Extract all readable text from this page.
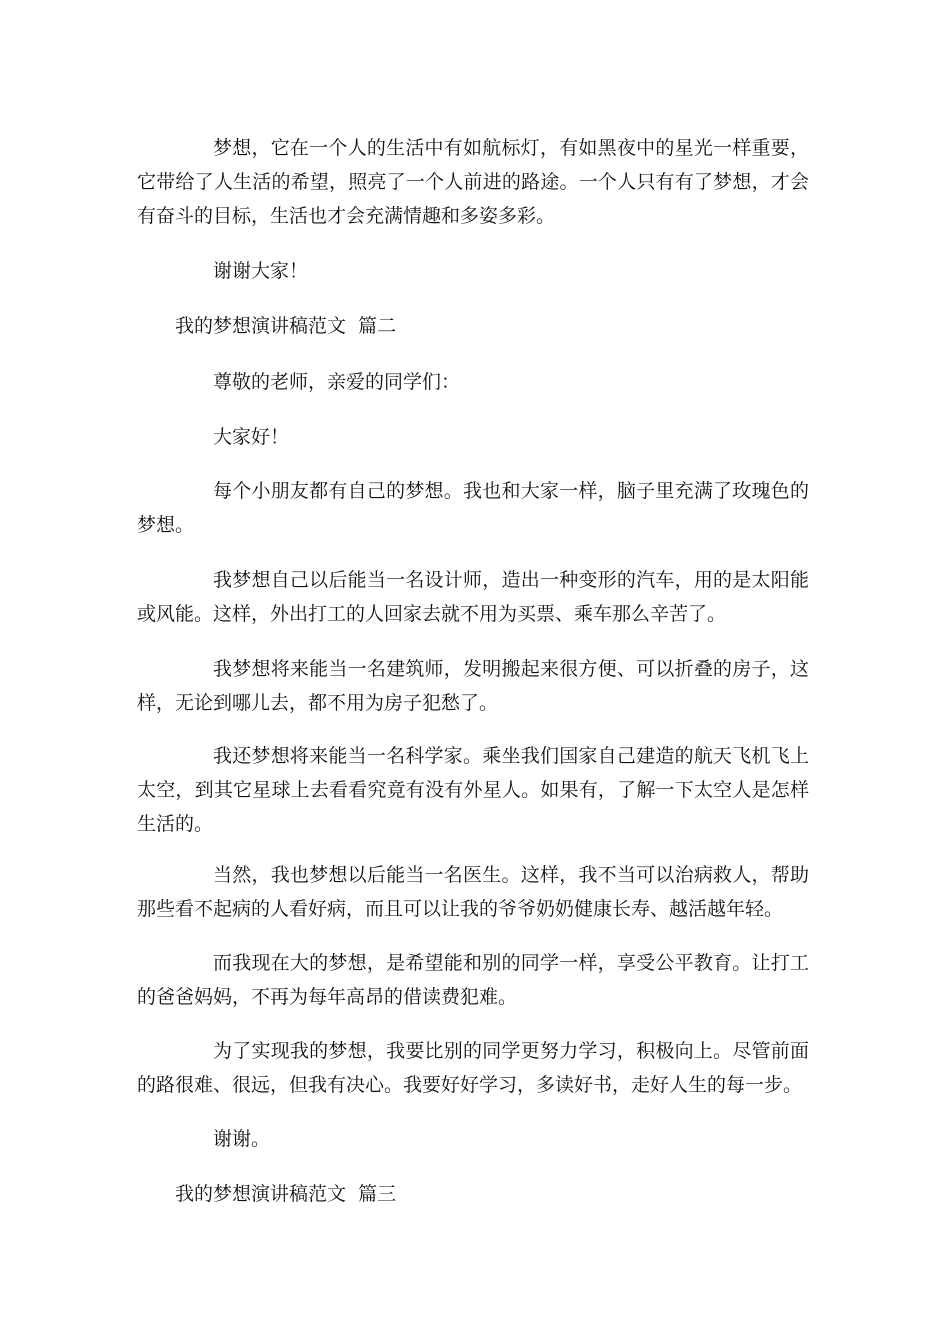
梦想，它在一个人的生活中有如航标灯，有如黑夜中的星光一样重要，它带给了人生活的希望，照亮了一个人前进的路途。一个人只有有了梦想，才会有奋斗的目标，生活也才会充满情趣和多姿多彩。

谢谢大家！

我的梦想演讲稿范文  篇二

尊敬的老师，亲爱的同学们：

大家好！

每个小朋友都有自己的梦想。我也和大家一样，脑子里充满了玫瑰色的梦想。

我梦想自己以后能当一名设计师，造出一种变形的汽车，用的是太阳能或风能。这样，外出打工的人回家去就不用为买票、乘车那么辛苦了。

我梦想将来能当一名建筑师，发明搬起来很方便、可以折叠的房子，这样，无论到哪儿去，都不用为房子犯愁了。

我还梦想将来能当一名科学家。乘坐我们国家自己建造的航天飞机飞上太空，到其它星球上去看看究竟有没有外星人。如果有，了解一下太空人是怎样生活的。

当然，我也梦想以后能当一名医生。这样，我不当可以治病救人，帮助那些看不起病的人看好病，而且可以让我的爷爷奶奶健康长寿、越活越年轻。

而我现在大的梦想，是希望能和别的同学一样，享受公平教育。让打工的爸爸妈妈，不再为每年高昂的借读费犯难。

为了实现我的梦想，我要比别的同学更努力学习，积极向上。尽管前面的路很难、很远，但我有决心。我要好好学习，多读好书，走好人生的每一步。

谢谢。

我的梦想演讲稿范文  篇三
